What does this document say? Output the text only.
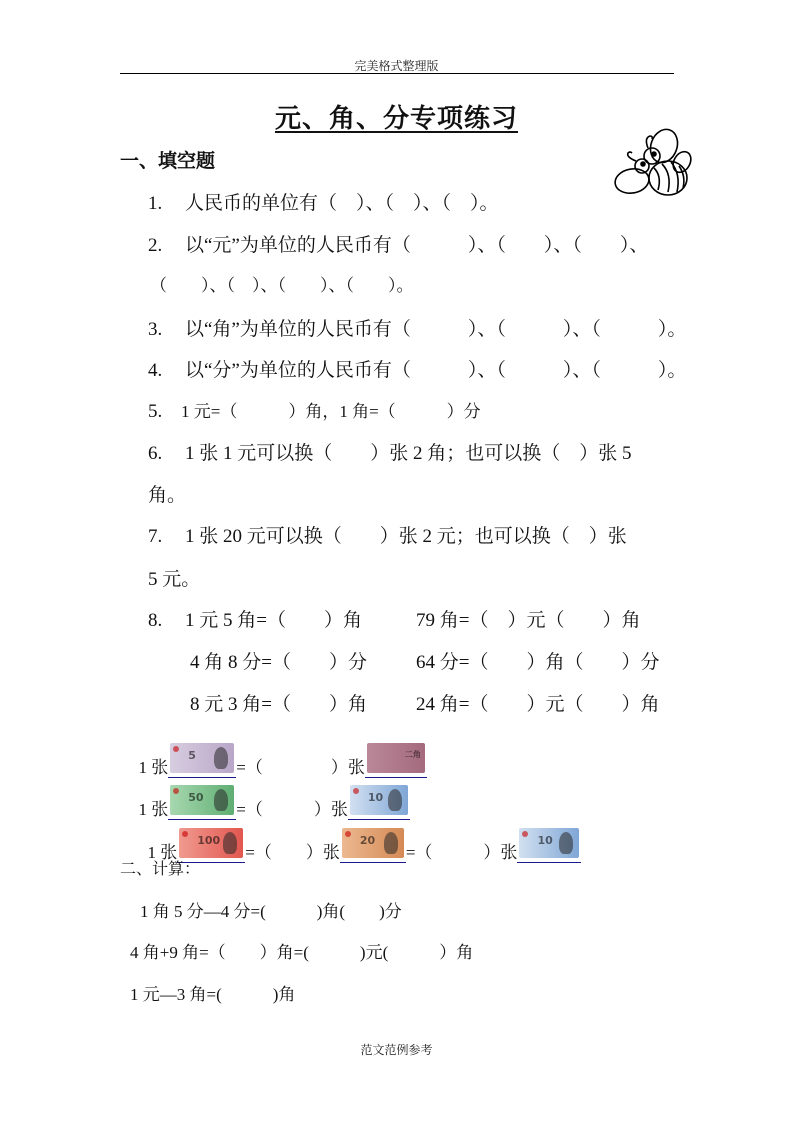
完美格式整理版
元、角、分专项练习
一、填空题
1. 人民币的单位有（　）、（　）、（　）。
2. 以“元”为单位的人民币有（　　　）、（　　）、（　　）、
（　　）、（　）、（　　）、（　　）。
3. 以“角”为单位的人民币有（　　　）、（　　　）、（　　　）。
4. 以“分”为单位的人民币有（　　　）、（　　　）、（　　　）。
5. 1 元=（　　　）角，1 角=（　　　）分
6. 1 张 1 元可以换（　　）张 2 角；也可以换（　）张 5
角。
7. 1 张 20 元可以换（　　）张 2 元；也可以换（　）张
5 元。
8. 1 元 5 角=（　　）角	79 角=（　）元（　　）角
4 角 8 分=（　　）分	64 分=（　　）角（　　）分
8 元 3 角=（　　）角	24 角=（　　）元（　　）角

1 张
5
=（　　　　）张
二角

1 张
50
=（　　　）张
10

1 张
100
=（　　）张
20
=（　　　）张
10

二、计算：
1 角 5 分—4 分=(　　　)角(　　)分
4 角+9 角=（　　）角=(　　　)元(　　　）角
1 元—3 角=(　　　)角
范文范例参考
